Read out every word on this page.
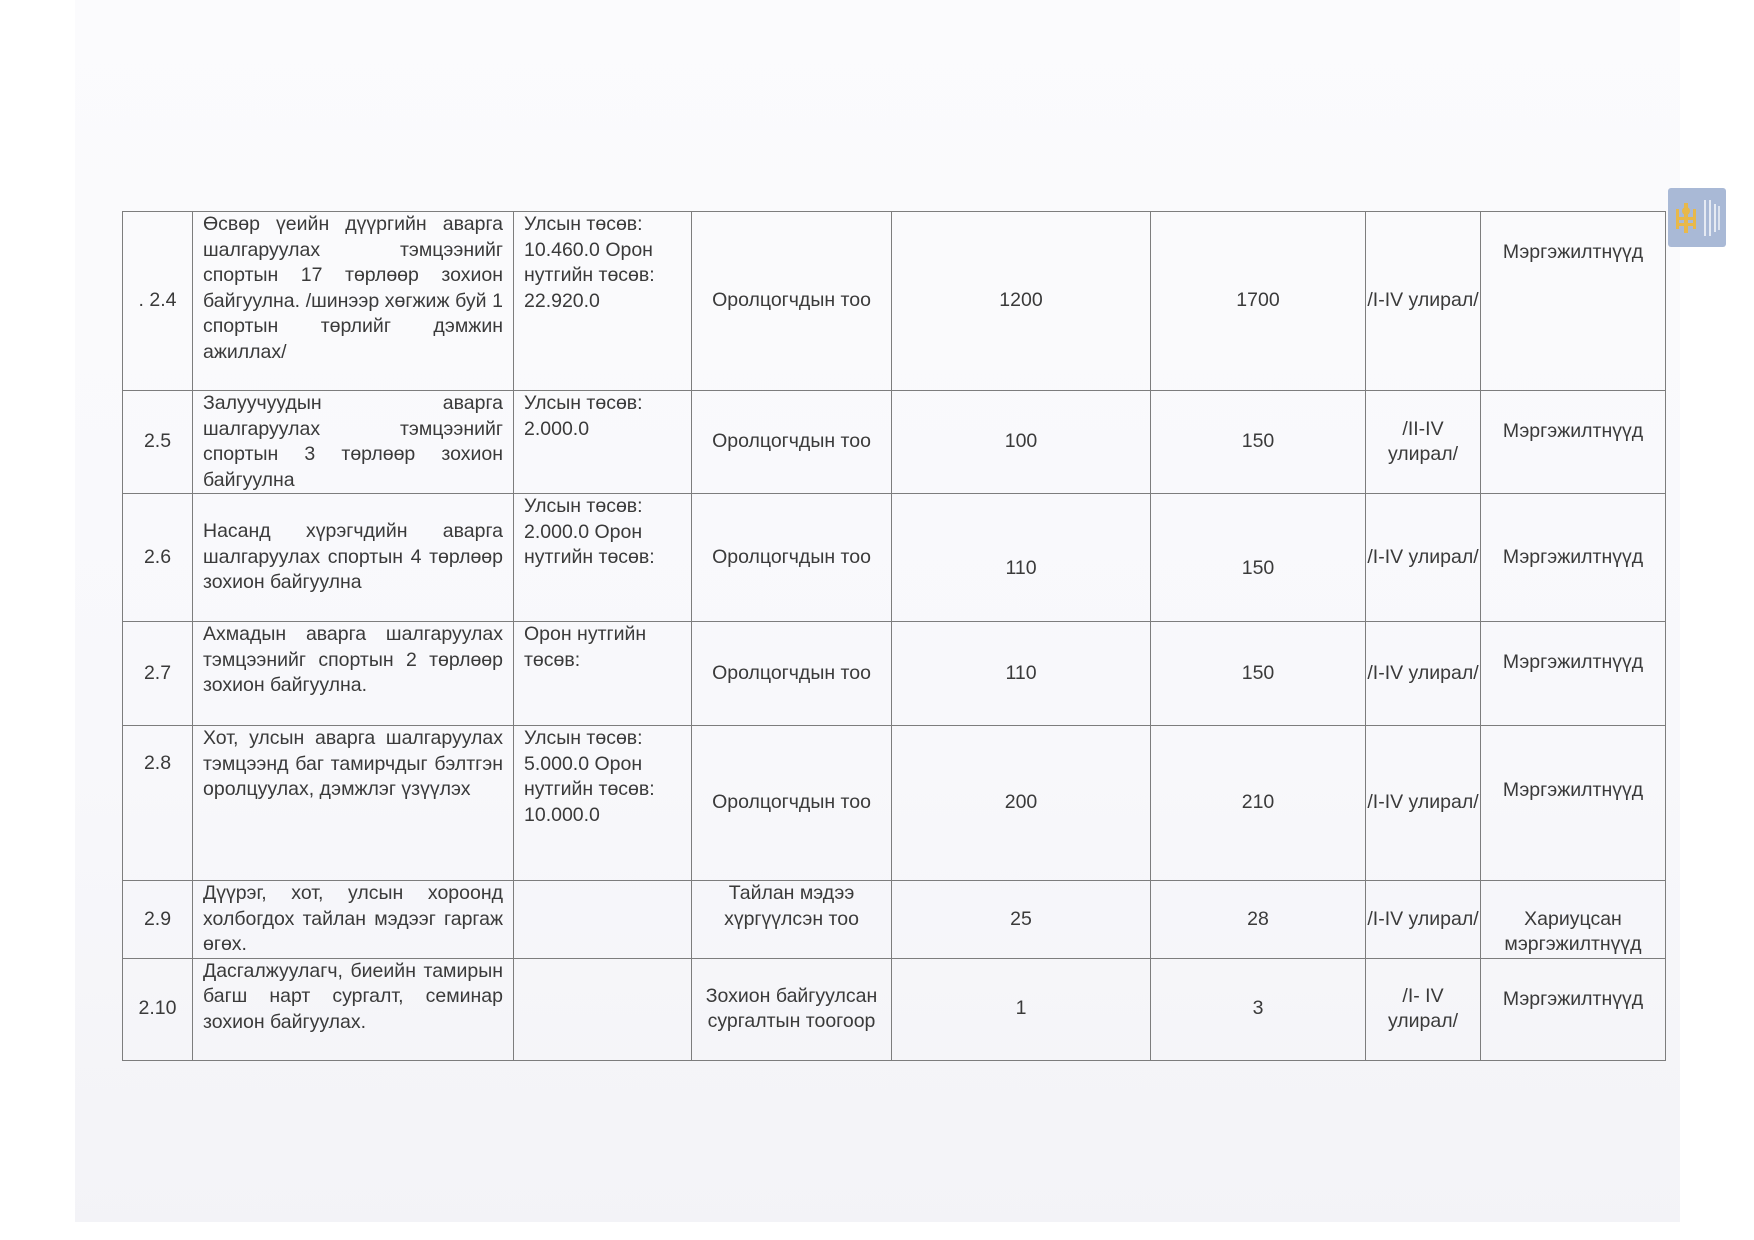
. 2.4	Өсвөр үеийн дүүргийн аварга шалгаруулах тэмцээнийг спортын 17 төрлөөр зохион байгуулна. /шинээр хөгжиж буй 1 спортын төрлийг дэмжин ажиллах/	Улсын төсөв: 10.460.0 Орон нутгийн төсөв: 22.920.0	Оролцогчдын тоо	1200	1700	/I-IV улирал/	Мэргэжилтнүүд
2.5	Залуучуудын аварга шалгаруулах тэмцээнийг спортын 3 төрлөөр зохион байгуулна	Улсын төсөв: 2.000.0	Оролцогчдын тоо	100	150	/II-IV улирал/	Мэргэжилтнүүд
2.6	Насанд хүрэгчдийн аварга шалгаруулах спортын 4 төрлөөр зохион байгуулна	Улсын төсөв: 2.000.0 Орон нутгийн төсөв:	Оролцогчдын тоо	110	150	/I-IV улирал/	Мэргэжилтнүүд
2.7	Ахмадын аварга шалгаруулах тэмцээнийг спортын 2 төрлөөр зохион байгуулна.	Орон нутгийн төсөв:	Оролцогчдын тоо	110	150	/I-IV улирал/	Мэргэжилтнүүд
2.8	Хот, улсын аварга шалгаруулах тэмцээнд баг тамирчдыг бэлтгэн оролцуулах, дэмжлэг үзүүлэх	Улсын төсөв: 5.000.0 Орон нутгийн төсөв: 10.000.0	Оролцогчдын тоо	200	210	/I-IV улирал/	Мэргэжилтнүүд
2.9	Дүүрэг, хот, улсын хороонд холбогдох тайлан мэдээг гаргаж өгөх.		Тайлан мэдээ хүргүүлсэн тоо	25	28	/I-IV улирал/	Хариуцсан мэргэжилтнүүд
2.10	Дасгалжуулагч, биеийн тамирын багш нарт сургалт, семинар зохион байгуулах.		Зохион байгуулсан сургалтын тоогоор	1	3	/I- IV улирал/	Мэргэжилтнүүд
